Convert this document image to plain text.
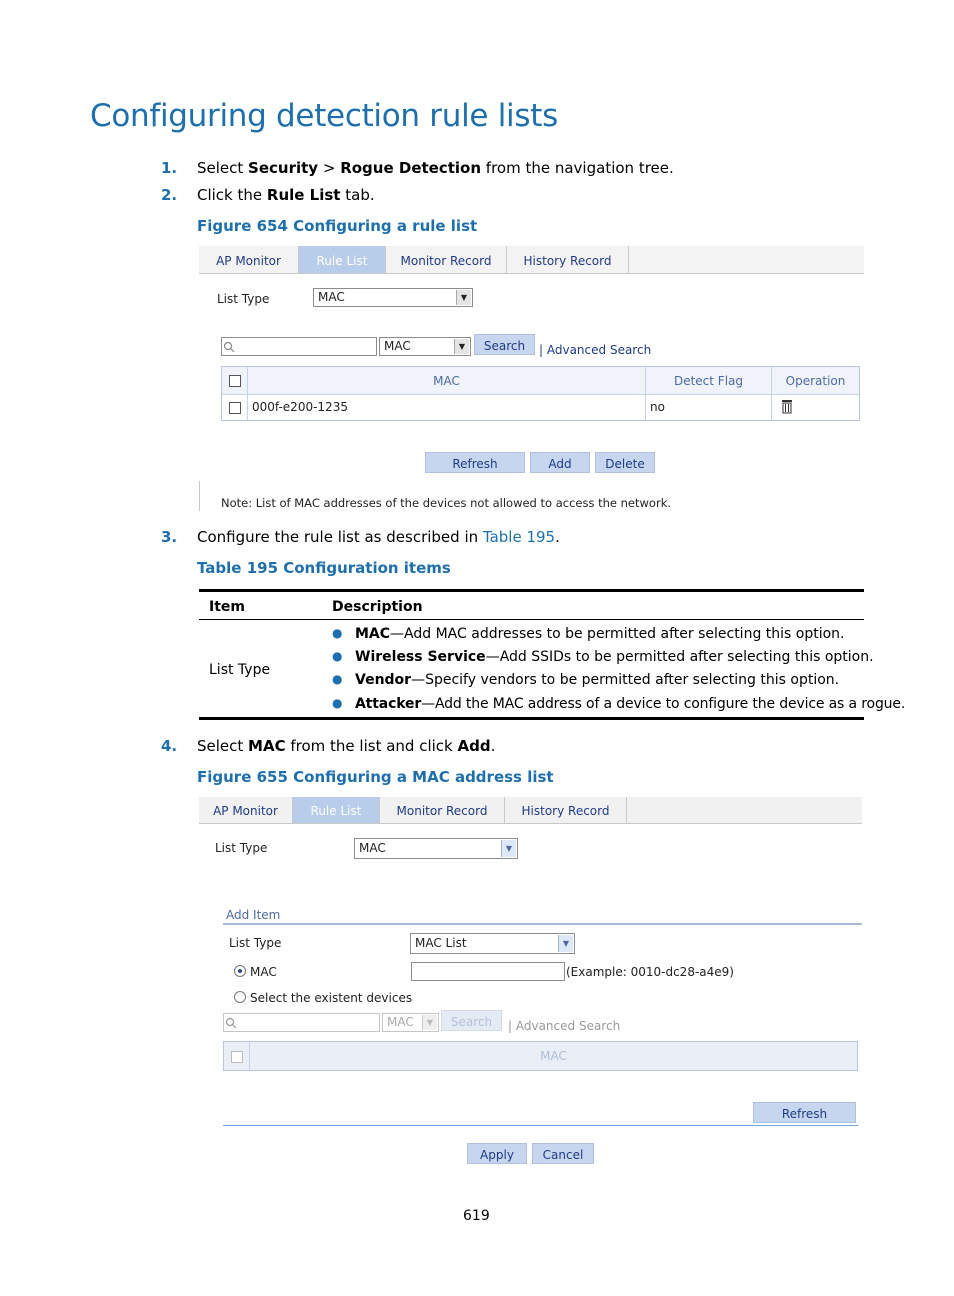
Configuring detection rule lists
1. Select Security > Rogue Detection from the navigation tree.
2. Click the Rule List tab.
Figure 654 Configuring a rule list
AP Monitor	Rule List	Monitor Record	History Record
List Type	MAC	▼
MAC	▼	Search	| Advanced Search
MAC	Detect Flag	Operation
000f-e200-1235	no
Refresh	Add	Delete
Note: List of MAC addresses of the devices not allowed to access the network.
3. Configure the rule list as described in Table 195.
Table 195 Configuration items
Item	Description
List Type
● MAC—Add MAC addresses to be permitted after selecting this option.
● Wireless Service—Add SSIDs to be permitted after selecting this option.
● Vendor—Specify vendors to be permitted after selecting this option.
● Attacker—Add the MAC address of a device to configure the device as a rogue.
4. Select MAC from the list and click Add.
Figure 655 Configuring a MAC address list
AP Monitor	Rule List	Monitor Record	History Record
List Type	MAC	▼
Add Item
List Type	MAC List	▼
MAC	(Example: 0010-dc28-a4e9)
Select the existent devices
MAC	▼	Search	| Advanced Search
MAC
Refresh
Apply	Cancel
619
